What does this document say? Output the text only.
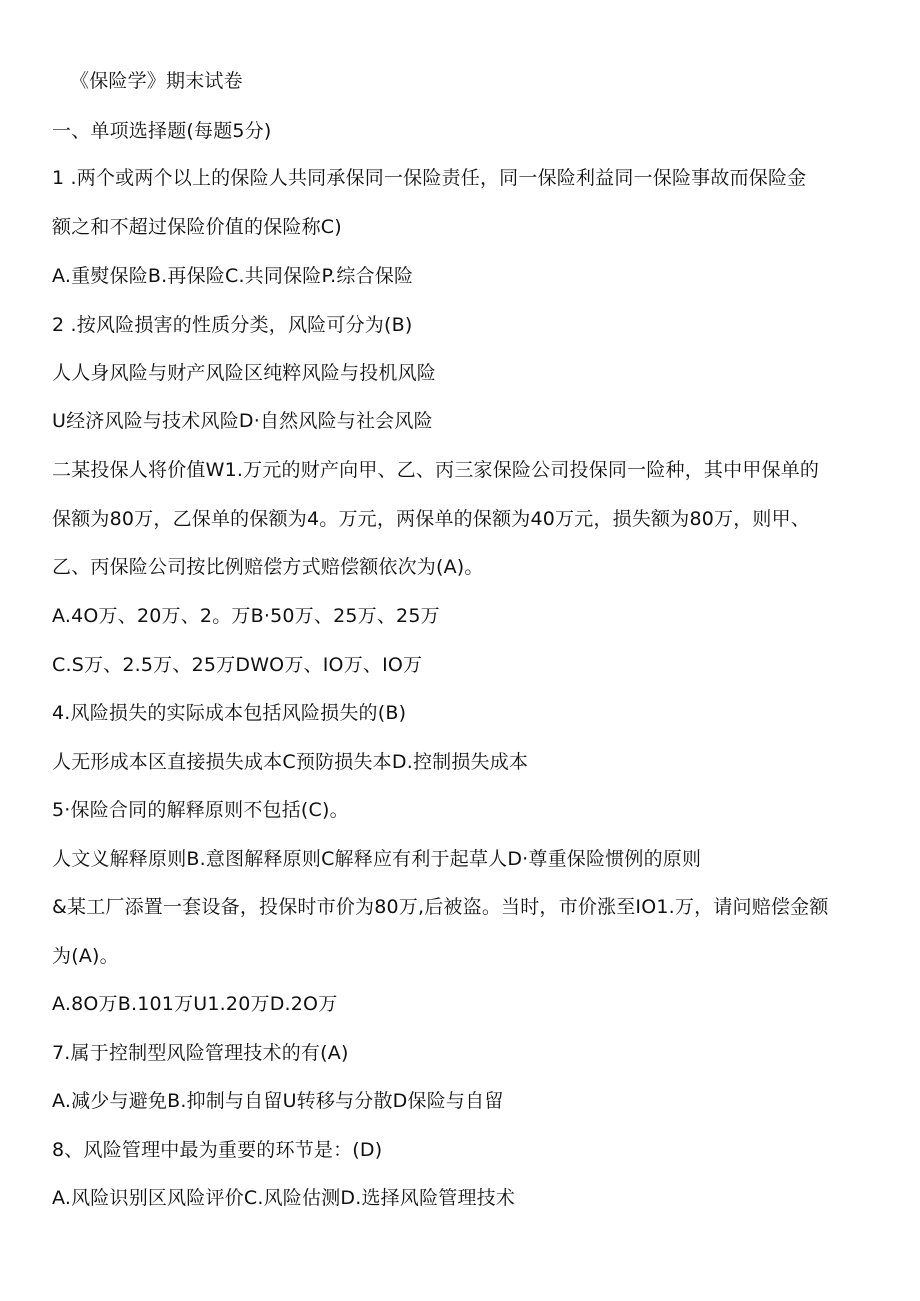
《保险学》期末试卷

一、单项选择题(每题5分)

1 .两个或两个以上的保险人共同承保同一保险责任，同一保险利益同一保险事故而保险金

额之和不超过保险价值的保险称C)

A.重熨保险B.再保险C.共同保险P.综合保险

2 .按风险损害的性质分类，风险可分为(B)

人人身风险与财产风险区纯粹风险与投机风险

U经济风险与技术风险D·自然风险与社会风险

二某投保人将价值W1.万元的财产向甲、乙、丙三家保险公司投保同一险种，其中甲保单的

保额为80万，乙保单的保额为4。万元，两保单的保额为40万元，损失额为80万，则甲、

乙、丙保险公司按比例赔偿方式赔偿额依次为(A)。

A.4O万、20万、2。万B·50万、25万、25万

C.S万、2.5万、25万DWO万、IO万、IO万

4.风险损失的实际成本包括风险损失的(B)

人无形成本区直接损失成本C预防损失本D.控制损失成本

5·保险合同的解释原则不包括(C)。

人文义解释原则B.意图解释原则C解释应有利于起草人D·尊重保险惯例的原则

&某工厂添置一套设备，投保时市价为80万,后被盗。当时，市价涨至IO1.万，请问赔偿金额

为(A)。

A.8O万B.101万U1.20万D.2O万

7.属于控制型风险管理技术的有(A)

A.减少与避免B.抑制与自留U转移与分散D保险与自留

8、风险管理中最为重要的环节是：(D)

A.风险识别区风险评价C.风险估测D.选择风险管理技术
